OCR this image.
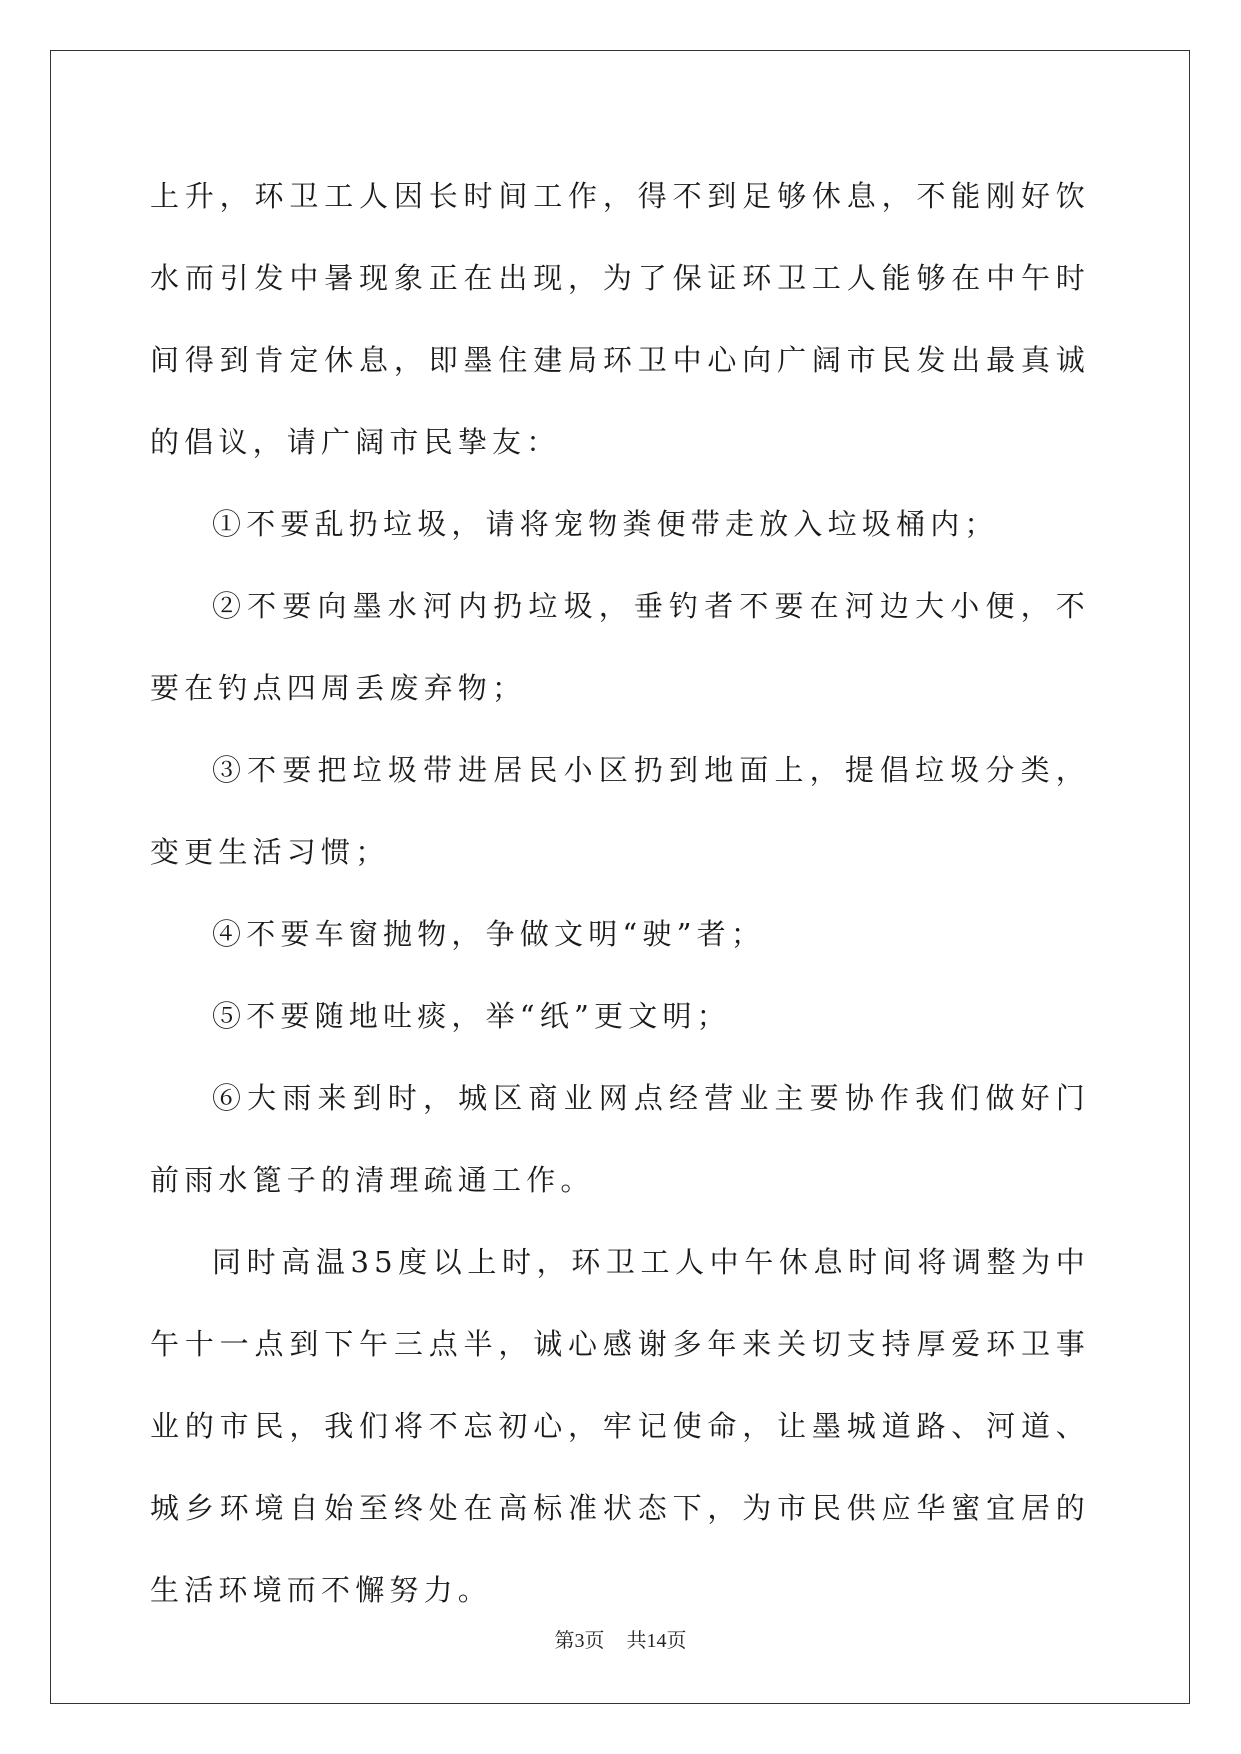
上升，环卫工人因长时间工作，得不到足够休息，不能刚好饮水而引发中暑现象正在出现，为了保证环卫工人能够在中午时间得到肯定休息，即墨住建局环卫中心向广阔市民发出最真诚的倡议，请广阔市民挚友：

①不要乱扔垃圾，请将宠物粪便带走放入垃圾桶内；

②不要向墨水河内扔垃圾，垂钓者不要在河边大小便，不要在钓点四周丢废弃物；

③不要把垃圾带进居民小区扔到地面上，提倡垃圾分类，变更生活习惯；

④不要车窗抛物，争做文明“驶”者；

⑤不要随地吐痰，举“纸”更文明；

⑥大雨来到时，城区商业网点经营业主要协作我们做好门前雨水篦子的清理疏通工作。

同时高温35度以上时，环卫工人中午休息时间将调整为中午十一点到下午三点半，诚心感谢多年来关切支持厚爱环卫事业的市民，我们将不忘初心，牢记使命，让墨城道路、河道、城乡环境自始至终处在高标准状态下，为市民供应华蜜宜居的生活环境而不懈努力。

第3页 共14页
